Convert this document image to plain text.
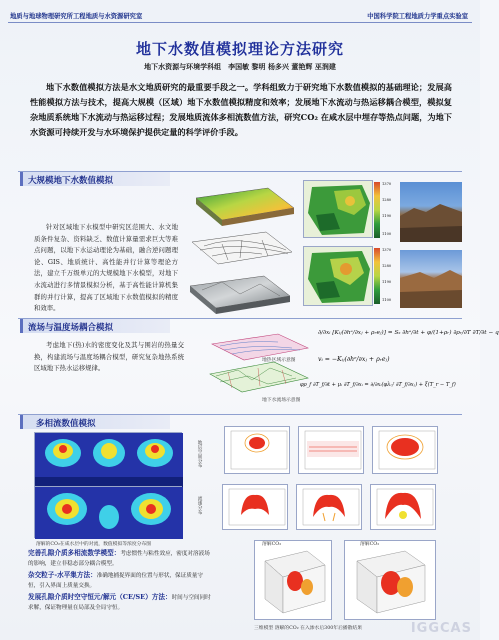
地质与地球物理研究所工程地质与水资源研究室	中国科学院工程地质力学重点实验室
地下水数值模拟理论方法研究
地下水资源与环境学科组　李国敏 黎明 杨多兴 董艳辉 巫润建
地下水数值模拟方法是水文地质研究的最重要手段之一。学科组致力于研究地下水数值模拟的基础理论；发展高性能模拟方法与技术，提高大规模（区域）地下水数值模拟精度和效率；发展地下水流动与热运移耦合模型，模拟复杂地质系统地下水流动与热运移过程；发展地质流体多相流数值方法，研究CO₂ 在咸水层中埋存等热点问题，为地下水资源可持续开发与水环境保护提供定量的科学评价手段。
大规模地下水数值模拟
针对区域地下水模型中研究区范围大、水文地质条件复杂、资料缺乏、数值计算量需求巨大等难点问题，以地下水运动理论为基础，融合逆问题理论、GIS、地质统计、高性能并行计算等理论方法，建立千万级单元的大规模地下水模型，对地下水流动进行多情景模拟分析，基于高性能计算机集群的并行计算，提高了区域地下水数值模拟的精度和效率。
1370
1280
1190
1100
1370
1280
1190
1100
流场与温度场耦合模拟
考虑地下(热)水的密度变化及其与围岩的热量交换，构建流场与温度场耦合模型，研究复杂地热系统区域地下热水运移规律。
地热区域示意图
地下水流场示意图
∂/∂xᵢ [Kᵢⱼ(∂hᵉ/∂xⱼ + ρᵣeⱼ)] = Sₛ ∂hᵉ/∂t + φ/(1+ρᵣ) ∂ρᵣ/∂T ∂T/∂t − q
vᵢ = −Kᵢⱼ(∂hᵉ/∂xⱼ + ρᵣeⱼ)
φρ_f ∂T_f/∂t + μᵢ ∂T_f/∂xᵢ = ∂/∂xᵢ(φλᵢⱼᶠ ∂T_f/∂xⱼ) + ξ(T_r − T_f)
多相流数值模拟
溶解的CO₂在咸水层中的对流，数值模拟等浓度分布图
地层空间分布
流速分布
溶解CO₂	溶解CO₂
三维模型 溶解的CO₂ 在入渗水后300年后播散结果
完善孔隙介质多相流数学模型：考虑惯性与粘性效应，密度对溶液场的影响，建立非稳态部分耦合模型。
杂交粒子-水平集方法：准确地捕捉界面的位置与形状，保证质量守恒，引入界面上质量交换。
发展孔隙介质时空守恒元/解元（CE/SE）方法：时间与空间同时求解，保证物理量在局部及全局守恒。
IGGCAS
